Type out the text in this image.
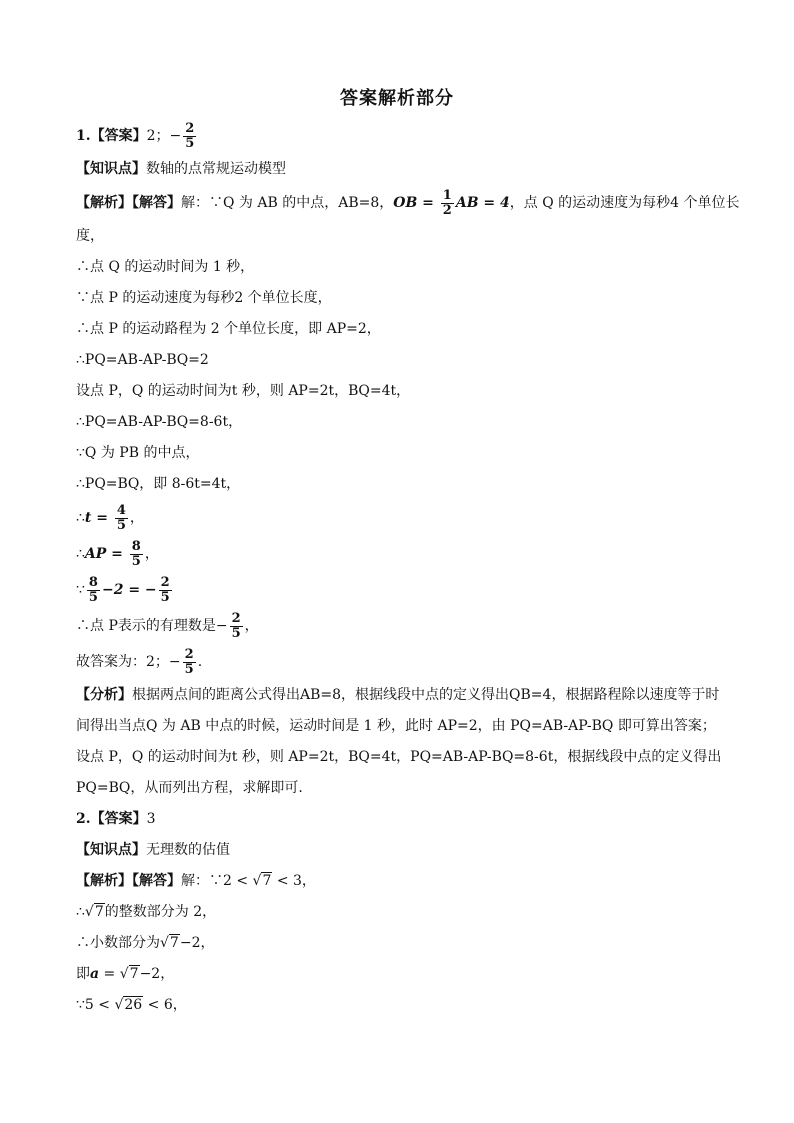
答案解析部分
1.【答案】2；− $\frac{2}{5}$
【知识点】数轴的点常规运动模型
【解析】【解答】解：∵Q 为 AB 的中点，AB=8，OB = $\frac{1}{2}$ AB = 4，点 Q 的运动速度为每秒4 个单位长
度，
∴点 Q 的运动时间为 1 秒，
∵点 P 的运动速度为每秒2 个单位长度，
∴点 P 的运动路程为 2 个单位长度，即 AP=2，
∴PQ=AB-AP-BQ=2
设点 P，Q 的运动时间为t 秒，则 AP=2t，BQ=4t，
∴PQ=AB-AP-BQ=8-6t，
∵Q 为 PB 的中点，
∴PQ=BQ，即 8-6t=4t，
∴t = $\frac{4}{5}$ ，
∴AP = $\frac{8}{5}$ ，
∵ $\frac{8}{5} -2$ = − $\frac{2}{5}$
∴点 P表示的有理数是− $\frac{2}{5}$ ，
故答案为：2；− $\frac{2}{5}$ .
【分析】根据两点间的距离公式得出AB=8，根据线段中点的定义得出QB=4，根据路程除以速度等于时
间得出当点Q 为 AB 中点的时候，运动时间是 1 秒，此时 AP=2，由 PQ=AB-AP-BQ 即可算出答案；
设点 P，Q 的运动时间为t 秒，则 AP=2t，BQ=4t，PQ=AB-AP-BQ=8-6t，根据线段中点的定义得出
PQ=BQ，从而列出方程，求解即可.
2.【答案】3
【知识点】无理数的估值
【解析】【解答】解：∵2 < √7 < 3，
∴√7的整数部分为 2，
∴小数部分为√7−2，
即a = √7−2，
∵5 < √26 < 6，
